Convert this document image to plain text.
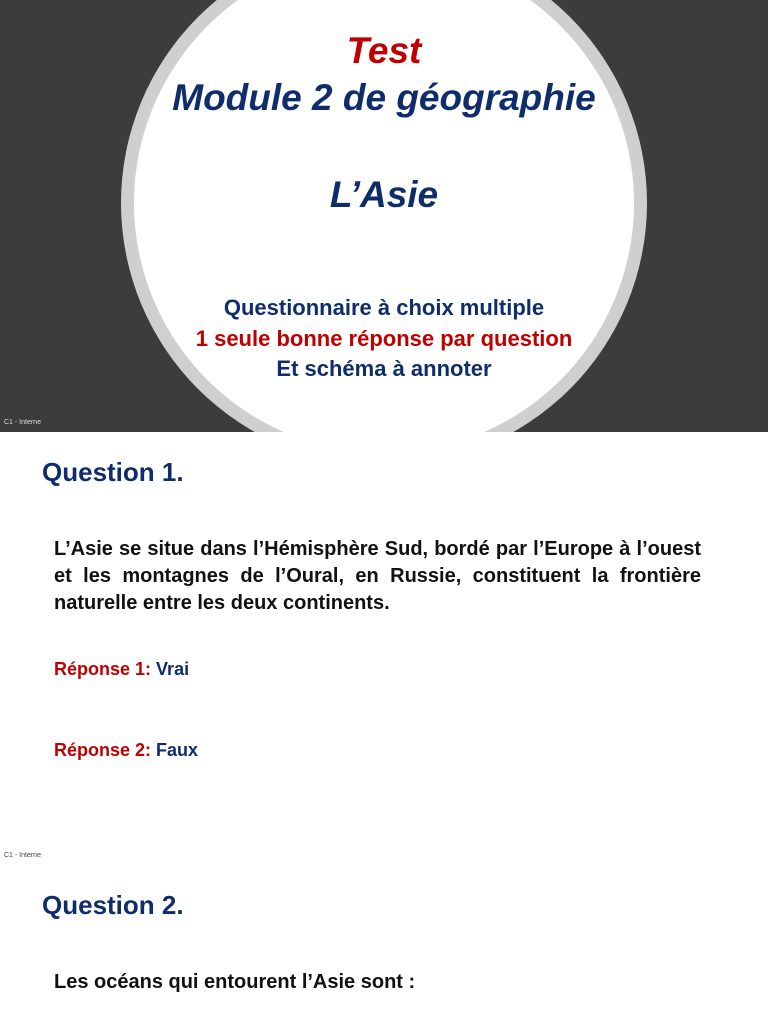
Test
Module 2 de géographie
L’Asie
Questionnaire à choix multiple
1 seule bonne réponse par question
Et schéma à annoter
C1 - Interne
Question 1.
L’Asie se situe dans l’Hémisphère Sud, bordé par l’Europe à l’ouest et les montagnes de l’Oural, en Russie, constituent la frontière naturelle entre les deux continents.
Réponse 1: Vrai
Réponse 2: Faux
C1 - Interne
Question 2.
Les océans qui entourent l’Asie sont :
